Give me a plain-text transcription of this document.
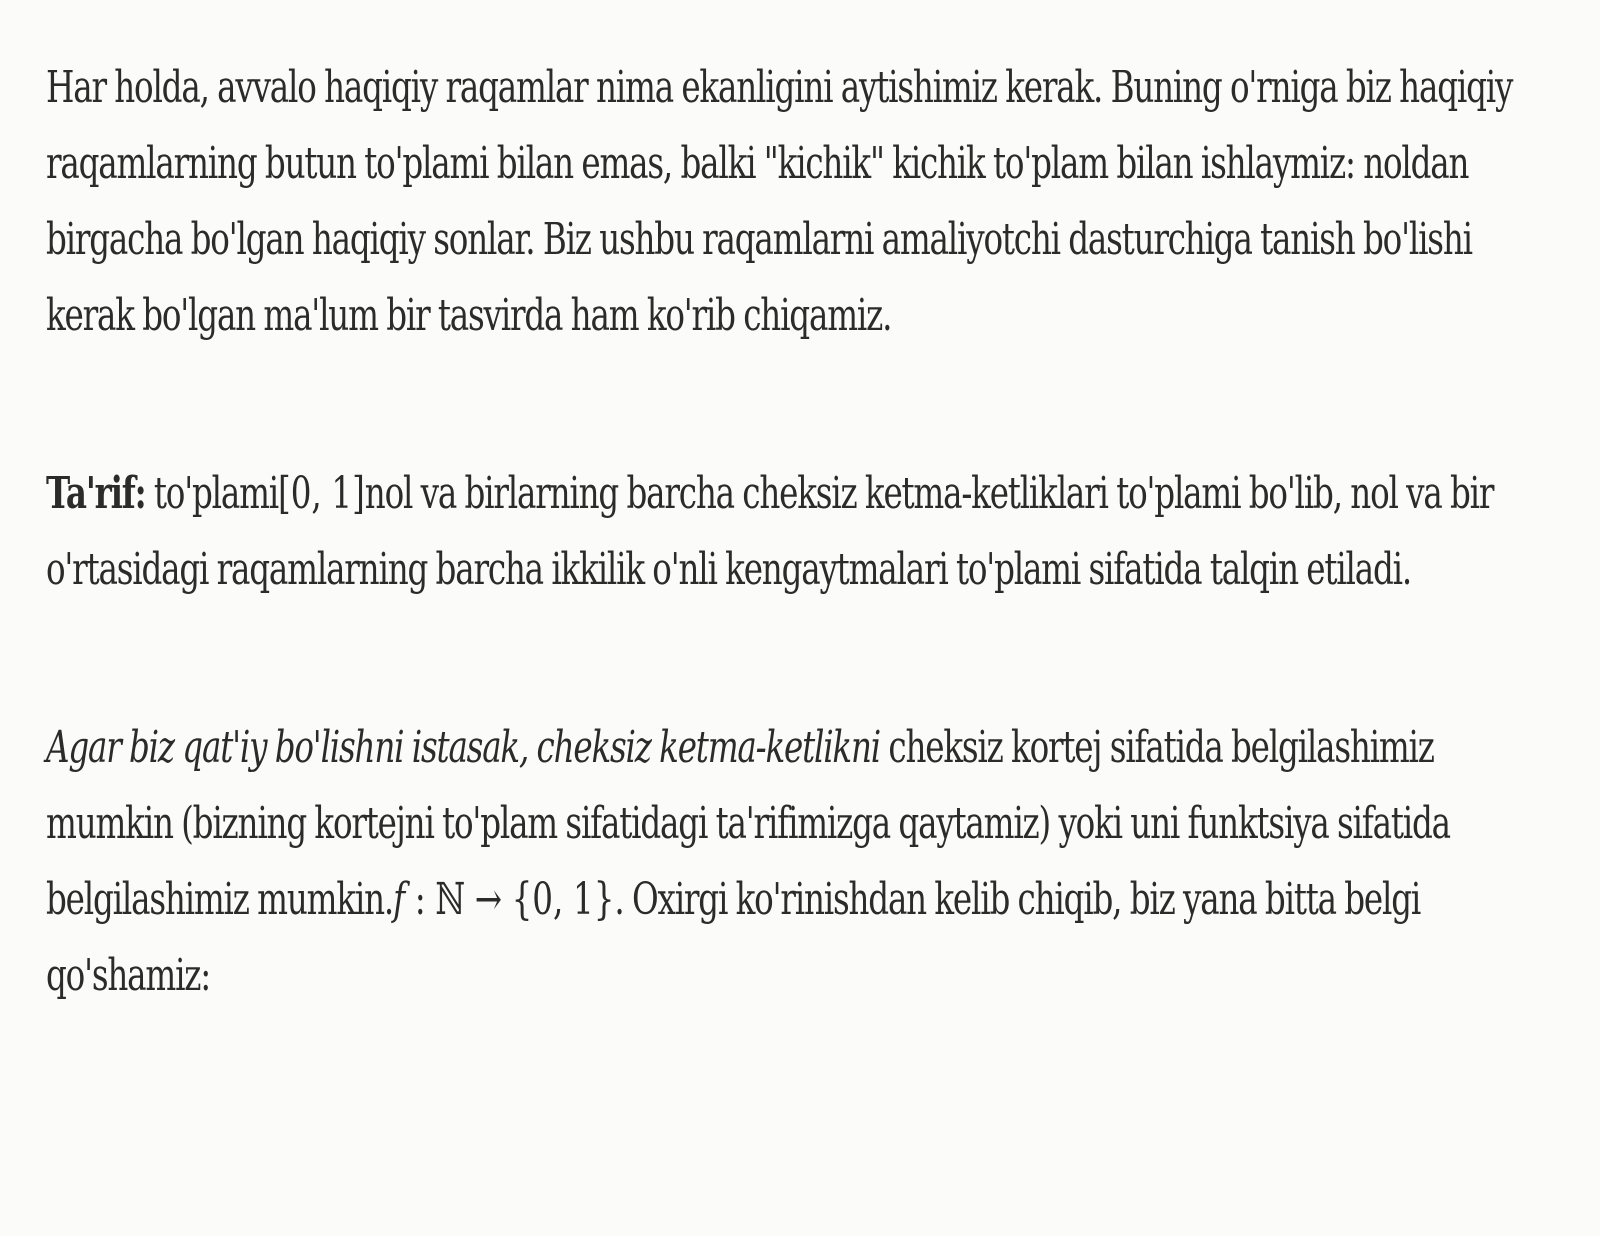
Har holda, avvalo haqiqiy raqamlar nima ekanligini aytishimiz kerak. Buning o'rniga biz haqiqiy raqamlarning butun to'plami bilan emas, balki "kichik" kichik to'plam bilan ishlaymiz: noldan birgacha bo'lgan haqiqiy sonlar. Biz ushbu raqamlarni amaliyotchi dasturchiga tanish bo'lishi kerak bo'lgan ma'lum bir tasvirda ham ko'rib chiqamiz.

Ta'rif: to'plami[0, 1]nol va birlarning barcha cheksiz ketma-ketliklari to'plami bo'lib, nol va bir o'rtasidagi raqamlarning barcha ikkilik o'nli kengaytmalari to'plami sifatida talqin etiladi.

Agar biz qat'iy bo'lishni istasak, cheksiz ketma-ketlikni cheksiz kortej sifatida belgilashimiz mumkin (bizning kortejni to'plam sifatidagi ta'rifimizga qaytamiz) yoki uni funktsiya sifatida belgilashimiz mumkin.f : ℕ → {0, 1}. Oxirgi ko'rinishdan kelib chiqib, biz yana bitta belgi qo'shamiz:
